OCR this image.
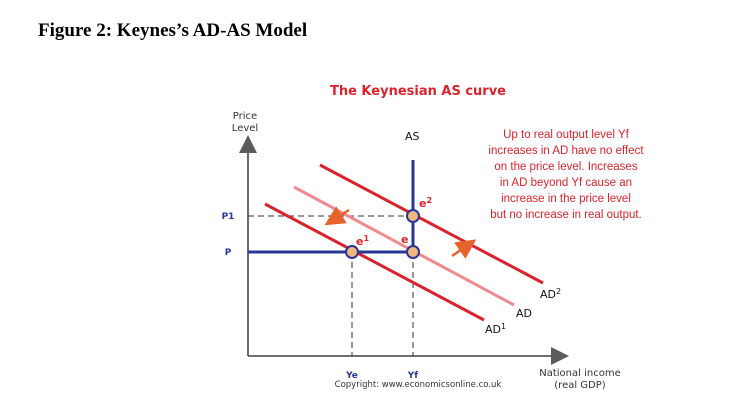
Figure 2: Keynes’s AD-AS Model
The Keynesian AS curve
Price
Level
National income
(real GDP)
P1
P
Ye	Yf
$e^2$
$e^1$	e
AS
$AD^2$
AD
$AD^1$
Up to real output level Yf
increases in AD have no effect
on the price level. Increases
in AD beyond Yf cause an
increase in the price level
but no increase in real output.
Copyright: www.economicsonline.co.uk
